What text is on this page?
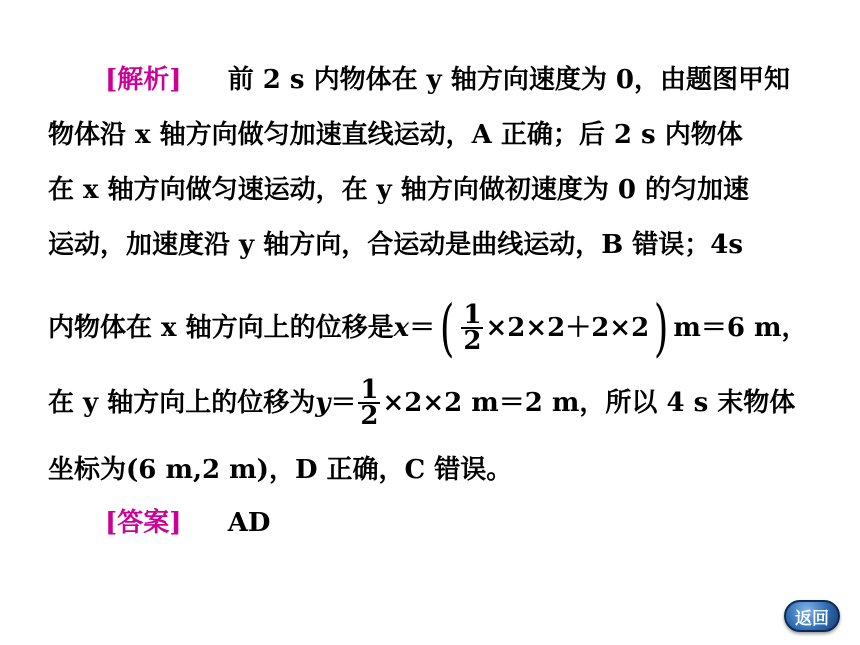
[解析] 前 2 s 内物体在 y 轴方向速度为 0，由题图甲知
物体沿 x 轴方向做匀加速直线运动，A 正确；后 2 s 内物体
在 x 轴方向做匀速运动，在 y 轴方向做初速度为 0 的匀加速
运动，加速度沿 y 轴方向，合运动是曲线运动，B 错误；4s
内物体在 x 轴方向上的位移是 x ＝ ( $\frac{1}{2} \times 2\times 2+2\times 2$ ) m＝6 m，
在 y 轴方向上的位移为 $y = \frac{1}{2} \times 2\times 2$ m＝2 m，所以 4 s 末物体
坐标为(6 m,2 m)，D 正确，C 错误。
[答案] AD
返回
